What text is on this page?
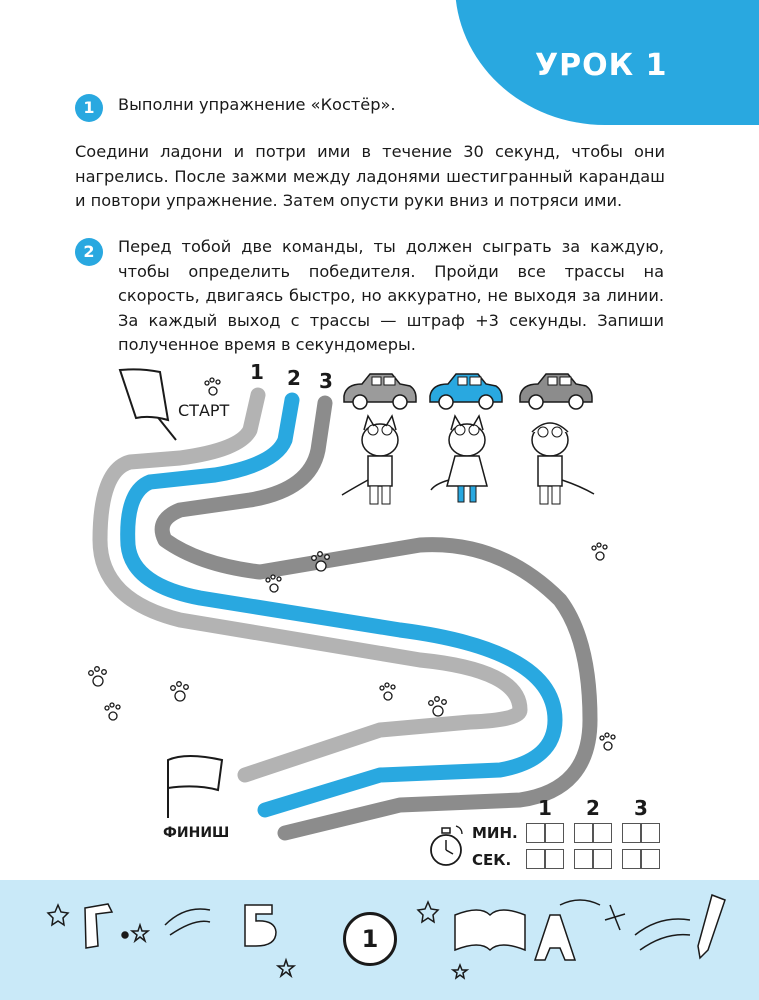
УРОК 1
1	Выполни упражнение «Костёр».
Соедини ладони и потри ими в течение 30 секунд, чтобы они нагрелись. После зажми между ладонями шестигранный карандаш и повтори упражнение. Затем опусти руки вниз и потряси ими.
2	Перед тобой две команды, ты должен сыграть за каждую, чтобы определить победителя. Пройди все трассы на скорость, двигаясь быстро, но аккуратно, не выходя за линии. За каждый выход с трассы — штраф +3 секунды. Запиши полученное время в секундомеры.
1 2 3
СТАРТ
ФИНИШ
1 2 3
МИН.
СЕК.
1
